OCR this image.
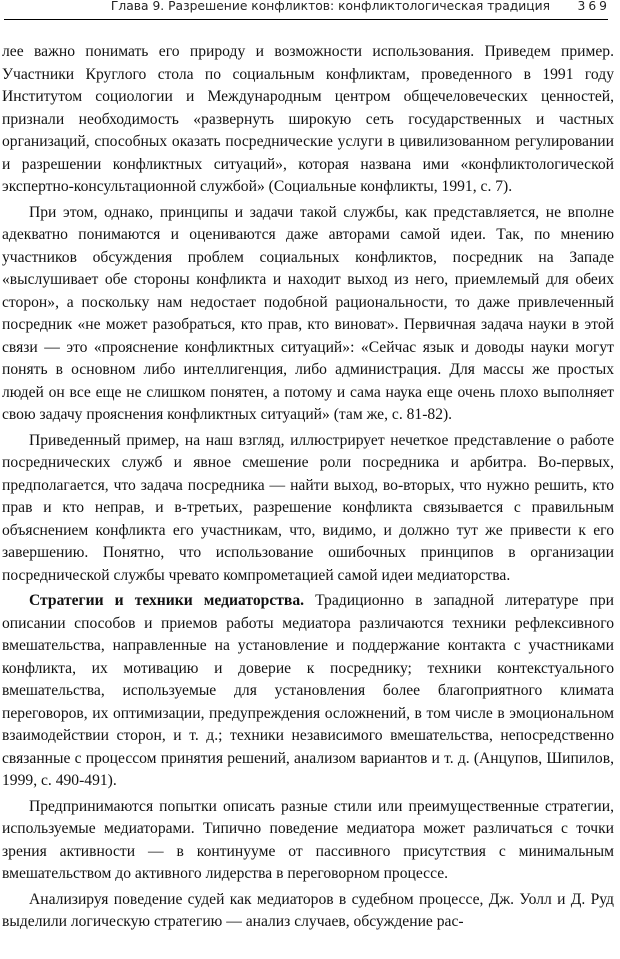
Глава 9. Разрешение конфликтов: конфликтологическая традиция 369

лее важно понимать его природу и возможности использования. Приведем пример. Участники Круглого стола по социальным конфликтам, проведенного в 1991 году Институтом социологии и Международным центром общечеловеческих ценностей, признали необходимость «развернуть широкую сеть государственных и частных организаций, способных оказать посреднические услуги в цивилизованном регулировании и разрешении конфликтных ситуаций», которая названа ими «конфликтологической экспертно-консультационной службой» (Социальные конфликты, 1991, с. 7).

При этом, однако, принципы и задачи такой службы, как представляется, не вполне адекватно понимаются и оцениваются даже авторами самой идеи. Так, по мнению участников обсуждения проблем социальных конфликтов, посредник на Западе «выслушивает обе стороны конфликта и находит выход из него, приемлемый для обеих сторон», а поскольку нам недостает подобной рациональности, то даже привлеченный посредник «не может разобраться, кто прав, кто виноват». Первичная задача науки в этой связи — это «прояснение конфликтных ситуаций»: «Сейчас язык и доводы науки могут понять в основном либо интеллигенция, либо администрация. Для массы же простых людей он все еще не слишком понятен, а потому и сама наука еще очень плохо выполняет свою задачу прояснения конфликтных ситуаций» (там же, с. 81-82).

Приведенный пример, на наш взгляд, иллюстрирует нечеткое представление о работе посреднических служб и явное смешение роли посредника и арбитра. Во-первых, предполагается, что задача посредника — найти выход, во-вторых, что нужно решить, кто прав и кто неправ, и в-третьих, разрешение конфликта связывается с правильным объяснением конфликта его участникам, что, видимо, и должно тут же привести к его завершению. Понятно, что использование ошибочных принципов в организации посреднической службы чревато компрометацией самой идеи медиаторства.

Стратегии и техники медиаторства. Традиционно в западной литературе при описании способов и приемов работы медиатора различаются техники рефлексивного вмешательства, направленные на установление и поддержание контакта с участниками конфликта, их мотивацию и доверие к посреднику; техники контекстуального вмешательства, используемые для установления более благоприятного климата переговоров, их оптимизации, предупреждения осложнений, в том числе в эмоциональном взаимодействии сторон, и т. д.; техники независимого вмешательства, непосредственно связанные с процессом принятия решений, анализом вариантов и т. д. (Анцупов, Шипилов, 1999, с. 490-491).

Предпринимаются попытки описать разные стили или преимущественные стратегии, используемые медиаторами. Типично поведение медиатора может различаться с точки зрения активности — в континууме от пассивного присутствия с минимальным вмешательством до активного лидерства в переговорном процессе.

Анализируя поведение судей как медиаторов в судебном процессе, Дж. Уолл и Д. Руд выделили логическую стратегию — анализ случаев, обсуждение рас-
